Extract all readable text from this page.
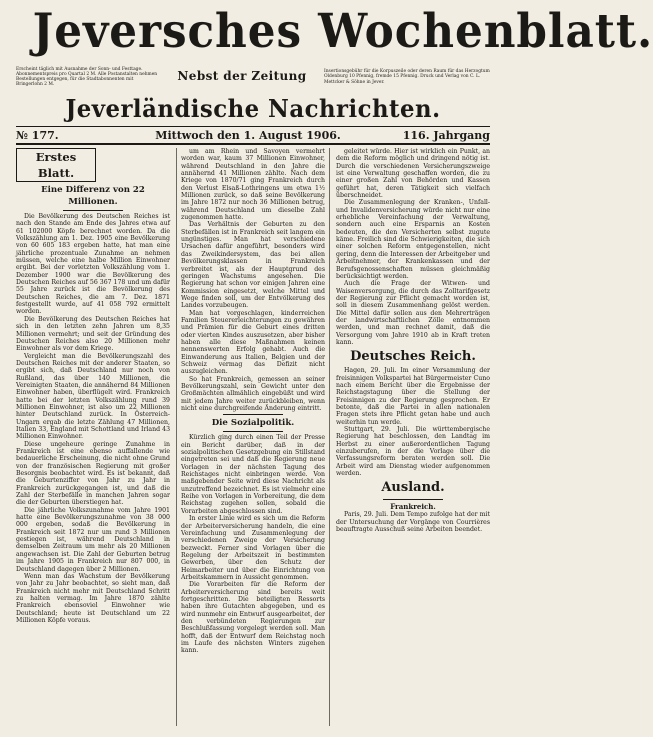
Jeversches Wochenblatt.
Erscheint täglich mit Ausnahme der Sonn- und Festtage. Abonnementspreis pro Quartal 2 M. Alle Postanstalten nehmen Bestellungen entgegen, für die Stadtabonnenten mit Bringerlohn 2 M.
Nebst der Zeitung	Insertionsgebühr für die Korpuszeile oder deren Raum für das Herzogtum Oldenburg 10 Pfennig, fremde 15 Pfennig. Druck und Verlag von C. L. Mettcker & Söhne in Jever.
Jeverländische Nachrichten.
№ 177.	Mittwoch den 1. August 1906.	116. Jahrgang
Erstes Blatt.
Eine Differenz von 22 Millionen.

Die Bevölkerung des Deutschen Reiches ist nach den Stande am Ende des Jahres etwa auf 61 102000 Köpfe berechnet worden. Da die Volkszählung am 1. Dez. 1905 eine Bevölkerung von 60 605 183 ergeben hatte, hat man eine jährliche prozentuale Zunahme an nehmen müssen, welche eine halbe Million Einwohner ergibt. Bei der vorletzten Volkszählung vom 1. Dezember 1900 war die Bevölkerung des Deutschen Reiches auf 56 367 178 und um dafür 55 Jahre zurück ist die Bevölkerung des Deutschen Reiches, die am 7. Dez. 1871 festgestellt wurde, auf 41 058 792 ermittelt worden.

Die Bevölkerung des Deutschen Reiches hat sich in den letzten zehn Jahren um 8,35 Millionen vermehrt; und seit der Gründung des Deutschen Reiches also 20 Millionen mehr Einwohner als vor dem Kriege.

Vergleicht man die Bevölkerungszahl des Deutschen Reiches mit der anderer Staaten, so ergibt sich, daß Deutschland nur noch von Rußland, das über 140 Millionen, die Vereinigten Staaten, die annähernd 84 Millionen Einwohner haben, überflügelt wird. Frankreich hatte bei der letzten Volkszählung rund 39 Millionen Einwohner, ist also um 22 Millionen hinter Deutschland zurück. In Österreich-Ungarn ergab die letzte Zählung 47 Millionen, Italien 33, England mit Schottland und Irland 43 Millionen Einwohner.

Diese ungeheure geringe Zunahme in Frankreich ist eine ebenso auffallende wie bedauerliche Erscheinung, die nicht ohne Grund von der französischen Regierung mit großer Besorgnis beobachtet wird. Es ist bekannt, daß die Geburtenziffer von Jahr zu Jahr in Frankreich zurückgegangen ist, und daß die Zahl der Sterbefälle in manchen Jahren sogar die der Geburten überstiegen hat.

Die jährliche Volkszunahme vom Jahre 1901 hatte eine Bevölkerungszunahme von 38 000 000 ergeben, sodaß die Bevölkerung in Frankreich seit 1872 nur um rund 3 Millionen gestiegen ist, während Deutschland in demselben Zeitraum um mehr als 20 Millionen angewachsen ist. Die Zahl der Geburten betrug im Jahre 1905 in Frankreich nur 807 000, in Deutschland dagegen über 2 Millionen.

Wenn man das Wachstum der Bevölkerung von Jahr zu Jahr beobachtet, so sieht man, daß Frankreich nicht mehr mit Deutschland Schritt zu halten vermag. Im Jahre 1870 zählte Frankreich ebensoviel Einwohner wie Deutschland; heute ist Deutschland um 22 Millionen Köpfe voraus.

um am Rhein und Savoyen vermehrt worden war, kaum 37 Millionen Einwohner, während Deutschland in den Jahre die annähernd 41 Millionen zählte. Nach dem Kriege von 1870/71 ging Frankreich durch den Verlust Elsaß-Lothringens um etwa 1½ Millionen zurück, so daß seine Bevölkerung im Jahre 1872 nur noch 36 Millionen betrug, während Deutschland um dieselbe Zahl zugenommen hatte.

Das Verhältnis der Geburten zu den Sterbefällen ist in Frankreich seit langem ein ungünstiges. Man hat verschiedene Ursachen dafür angeführt, besonders wird das Zweikindersystem, das bei allen Bevölkerungsklassen in Frankreich verbreitet ist, als der Hauptgrund des geringen Wachstums angesehen. Die Regierung hat schon vor einigen Jahren eine Kommission eingesetzt, welche Mittel und Wege finden soll, um der Entvölkerung des Landes vorzubeugen.

Man hat vorgeschlagen, kinderreichen Familien Steuererleichterungen zu gewähren und Prämien für die Geburt eines dritten oder vierten Kindes auszusetzen, aber bisher haben alle diese Maßnahmen keinen nennenswerten Erfolg gehabt. Auch die Einwanderung aus Italien, Belgien und der Schweiz vermag das Defizit nicht auszugleichen.

So hat Frankreich, gemessen an seiner Bevölkerungszahl, sein Gewicht unter den Großmächten allmählich eingebüßt und wird mit jedem Jahre weiter zurückbleiben, wenn nicht eine durchgreifende Änderung eintritt.

Die Sozialpolitik.

Kürzlich ging durch einen Teil der Presse ein Bericht darüber, daß in der sozialpolitischen Gesetzgebung ein Stillstand eingetreten sei und daß die Regierung neue Vorlagen in der nächsten Tagung des Reichstages nicht einbringen werde. Von maßgebender Seite wird diese Nachricht als unzutreffend bezeichnet. Es ist vielmehr eine Reihe von Vorlagen in Vorbereitung, die dem Reichstag zugehen sollen, sobald die Vorarbeiten abgeschlossen sind.

In erster Linie wird es sich um die Reform der Arbeiterversicherung handeln, die eine Vereinfachung und Zusammenlegung der verschiedenen Zweige der Versicherung bezweckt. Ferner sind Vorlagen über die Regelung der Arbeitszeit in bestimmten Gewerben, über den Schutz der Heimarbeiter und über die Einrichtung von Arbeitskammern in Aussicht genommen.

Die Vorarbeiten für die Reform der Arbeiterversicherung sind bereits weit fortgeschritten. Die beteiligten Ressorts haben ihre Gutachten abgegeben, und es wird nunmehr ein Entwurf ausgearbeitet, der den verbündeten Regierungen zur Beschlußfassung vorgelegt werden soll. Man hofft, daß der Entwurf dem Reichstag noch im Laufe des nächsten Winters zugehen kann.

geleitet würde. Hier ist wirklich ein Punkt, an dem die Reform möglich und dringend nötig ist. Durch die verschiedenen Versicherungszweige ist eine Verwaltung geschaffen worden, die zu einer großen Zahl von Behörden und Kassen geführt hat, deren Tätigkeit sich vielfach überschneidet.

Die Zusammenlegung der Kranken-, Unfall- und Invalidenversicherung würde nicht nur eine erhebliche Vereinfachung der Verwaltung, sondern auch eine Ersparnis an Kosten bedeuten, die den Versicherten selbst zugute käme. Freilich sind die Schwierigkeiten, die sich einer solchen Reform entgegenstellen, nicht gering, denn die Interessen der Arbeitgeber und Arbeitnehmer, der Krankenkassen und der Berufsgenossenschaften müssen gleichmäßig berücksichtigt werden.

Auch die Frage der Witwen- und Waisenversorgung, die durch das Zolltarifgesetz der Regierung zur Pflicht gemacht worden ist, soll in diesem Zusammenhang gelöst werden. Die Mittel dafür sollen aus den Mehrerträgen der landwirtschaftlichen Zölle entnommen werden, und man rechnet damit, daß die Versorgung vom Jahre 1910 ab in Kraft treten kann.

Deutsches Reich.

Hagen, 29. Juli. Im einer Versammlung der freisinnigen Volkspartei hat Bürgermeister Cuno nach einem Bericht über die Ergebnisse der Reichstagstagung über die Stellung der Freisinnigen zu der Regierung gesprochen. Er betonte, daß die Partei in allen nationalen Fragen stets ihre Pflicht getan habe und auch weiterhin tun werde.

Stuttgart, 29. Juli. Die württembergische Regierung hat beschlossen, den Landtag im Herbst zu einer außerordentlichen Tagung einzuberufen, in der die Vorlage über die Verfassungsreform beraten werden soll. Die Arbeit wird am Dienstag wieder aufgenommen werden.

Ausland.
Frankreich.

Paris, 29. Juli. Dem Tempo zufolge hat der mit der Untersuchung der Vorgänge von Courrières beauftragte Ausschuß seine Arbeiten beendet.
